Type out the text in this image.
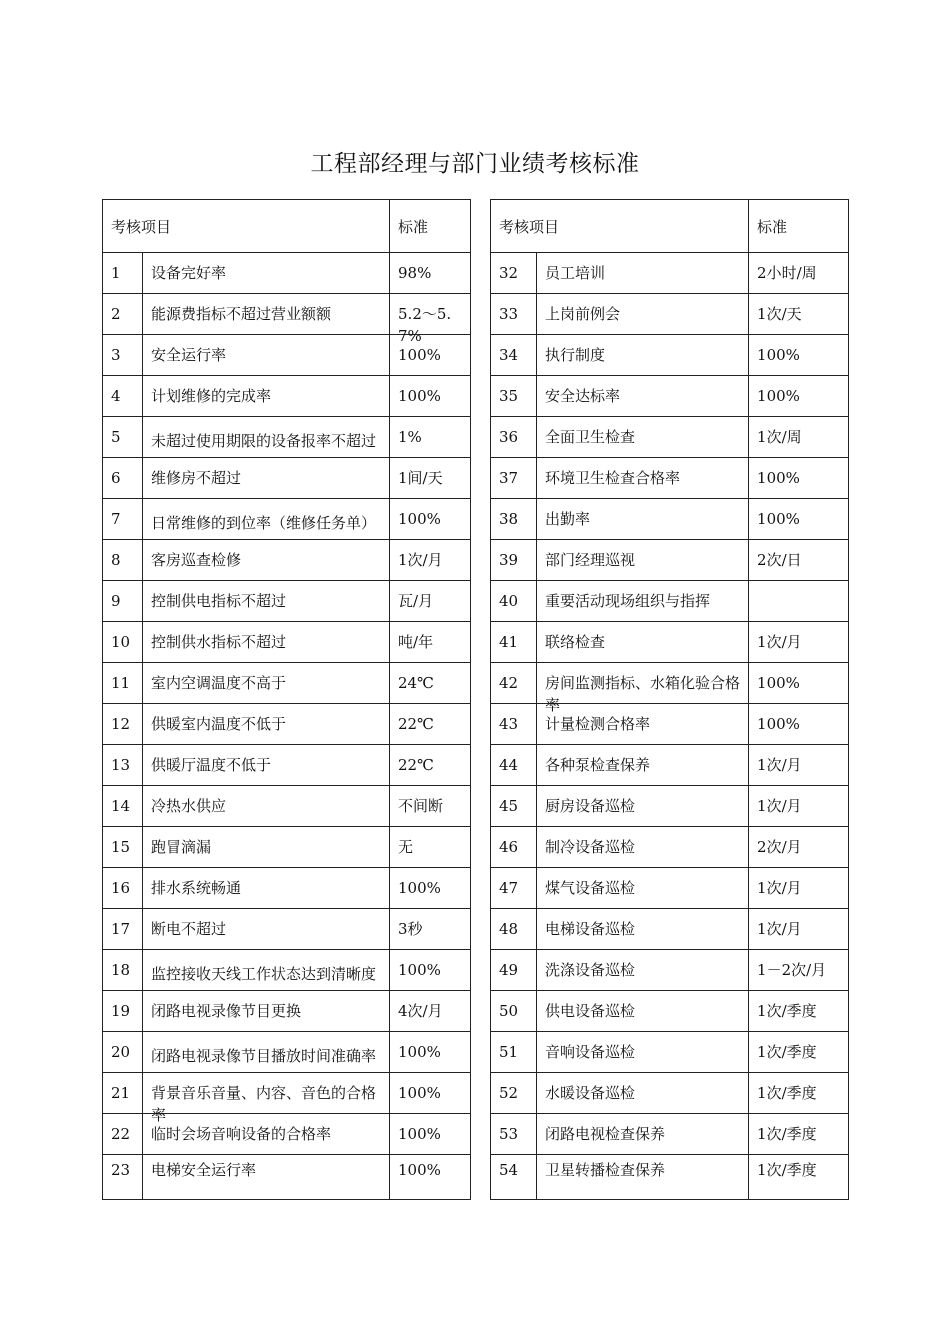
工程部经理与部门业绩考核标准
考核项目		标准		考核项目		标准

1	设备完好率	98%		32	员工培训	2小时/周

2	能源费指标不超过营业额额	5.2～5.7%		33	上岗前例会	1次/天

3	安全运行率	100%		34	执行制度	100%

4	计划维修的完成率	100%		35	安全达标率	100%

5	未超过使用期限的设备报率不超过	1%		36	全面卫生检查	1次/周

6	维修房不超过	1间/天		37	环境卫生检查合格率	100%

7	日常维修的到位率（维修任务单）	100%		38	出勤率	100%

8	客房巡查检修	1次/月		39	部门经理巡视	2次/日

9	控制供电指标不超过	瓦/月		40	重要活动现场组织与指挥	

10	控制供水指标不超过	吨/年		41	联络检查	1次/月

11	室内空调温度不高于	24℃		42	房间监测指标、水箱化验合格率	100%

12	供暖室内温度不低于	22℃		43	计量检测合格率	100%

13	供暖厅温度不低于	22℃		44	各种泵检查保养	1次/月

14	冷热水供应	不间断		45	厨房设备巡检	1次/月

15	跑冒滴漏	无		46	制冷设备巡检	2次/月

16	排水系统畅通	100%		47	煤气设备巡检	1次/月

17	断电不超过	3秒		48	电梯设备巡检	1次/月

18	监控接收天线工作状态达到清晰度	100%		49	洗涤设备巡检	1－2次/月

19	闭路电视录像节目更换	4次/月		50	供电设备巡检	1次/季度

20	闭路电视录像节目播放时间准确率	100%		51	音响设备巡检	1次/季度

21	背景音乐音量、内容、音色的合格率	100%		52	水暖设备巡检	1次/季度

22	临时会场音响设备的合格率	100%		53	闭路电视检查保养	1次/季度

23	电梯安全运行率	100%		54	卫星转播检查保养	1次/季度
